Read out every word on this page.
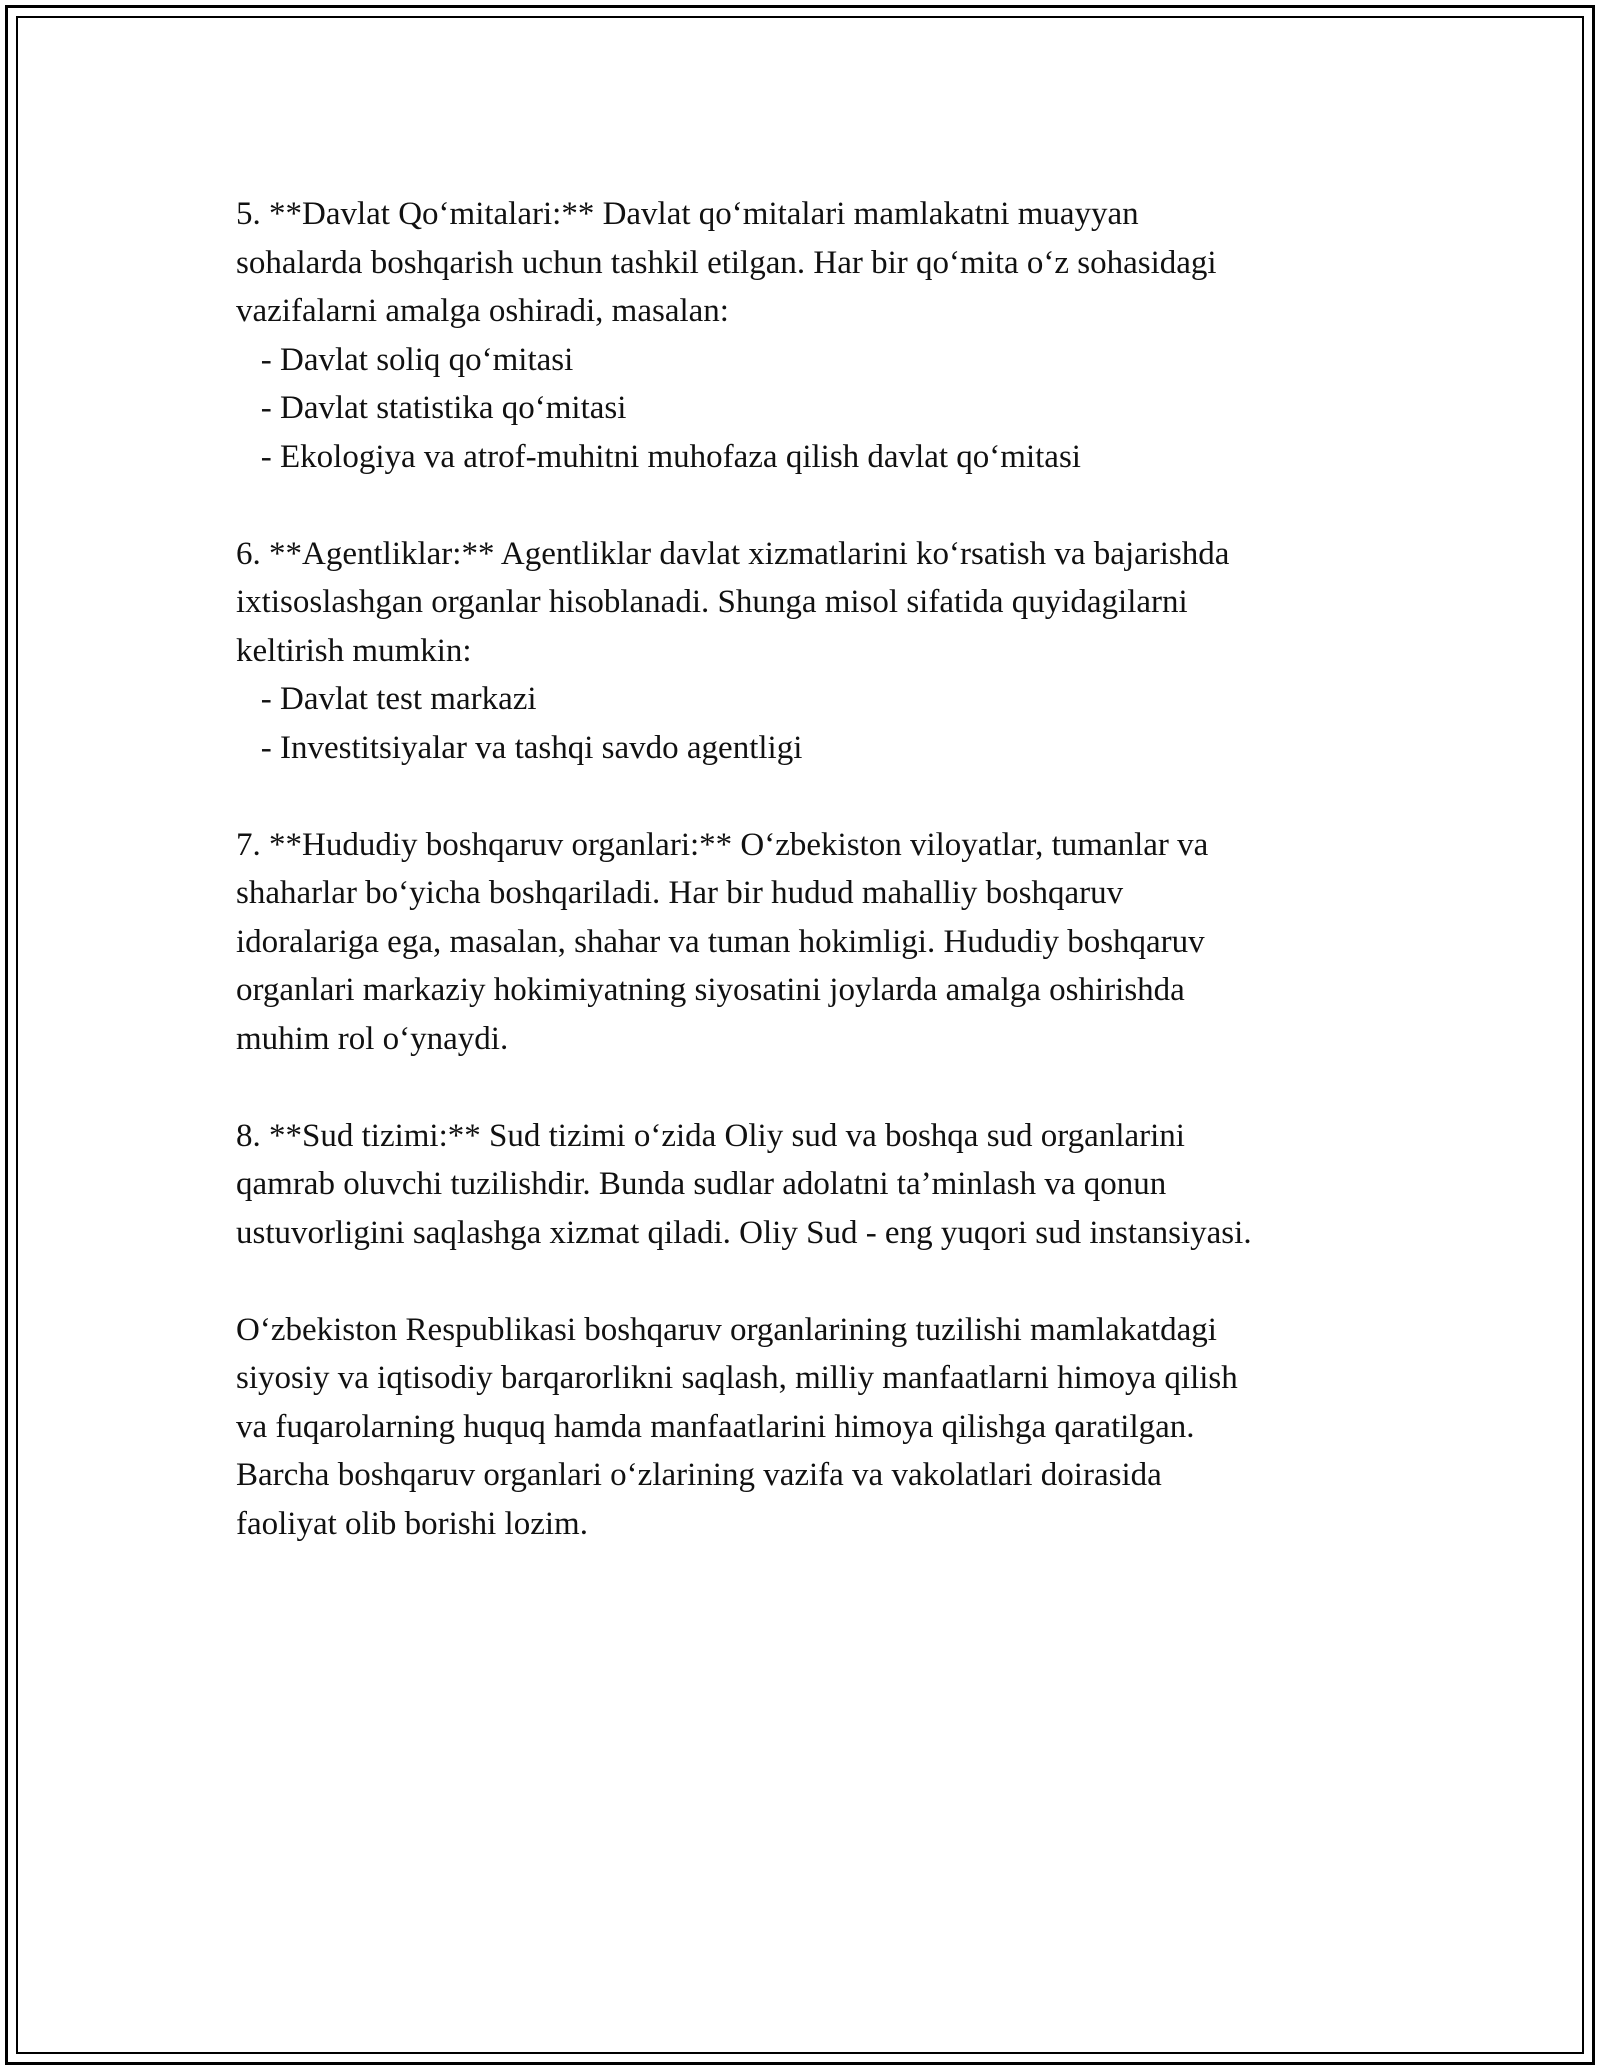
5. **Davlat Qoʻmitalari:** Davlat qoʻmitalari mamlakatni muayyan
sohalarda boshqarish uchun tashkil etilgan. Har bir qoʻmita oʻz sohasidagi
vazifalarni amalga oshiradi, masalan:
- Davlat soliq qoʻmitasi
- Davlat statistika qoʻmitasi
- Ekologiya va atrof-muhitni muhofaza qilish davlat qoʻmitasi
6. **Agentliklar:** Agentliklar davlat xizmatlarini koʻrsatish va bajarishda
ixtisoslashgan organlar hisoblanadi. Shunga misol sifatida quyidagilarni
keltirish mumkin:
- Davlat test markazi
- Investitsiyalar va tashqi savdo agentligi
7. **Hududiy boshqaruv organlari:** Oʻzbekiston viloyatlar, tumanlar va
shaharlar boʻyicha boshqariladi. Har bir hudud mahalliy boshqaruv
idoralariga ega, masalan, shahar va tuman hokimligi. Hududiy boshqaruv
organlari markaziy hokimiyatning siyosatini joylarda amalga oshirishda
muhim rol oʻynaydi.
8. **Sud tizimi:** Sud tizimi oʻzida Oliy sud va boshqa sud organlarini
qamrab oluvchi tuzilishdir. Bunda sudlar adolatni ta’minlash va qonun
ustuvorligini saqlashga xizmat qiladi. Oliy Sud - eng yuqori sud instansiyasi.
Oʻzbekiston Respublikasi boshqaruv organlarining tuzilishi mamlakatdagi
siyosiy va iqtisodiy barqarorlikni saqlash, milliy manfaatlarni himoya qilish
va fuqarolarning huquq hamda manfaatlarini himoya qilishga qaratilgan.
Barcha boshqaruv organlari oʻzlarining vazifa va vakolatlari doirasida
faoliyat olib borishi lozim.
